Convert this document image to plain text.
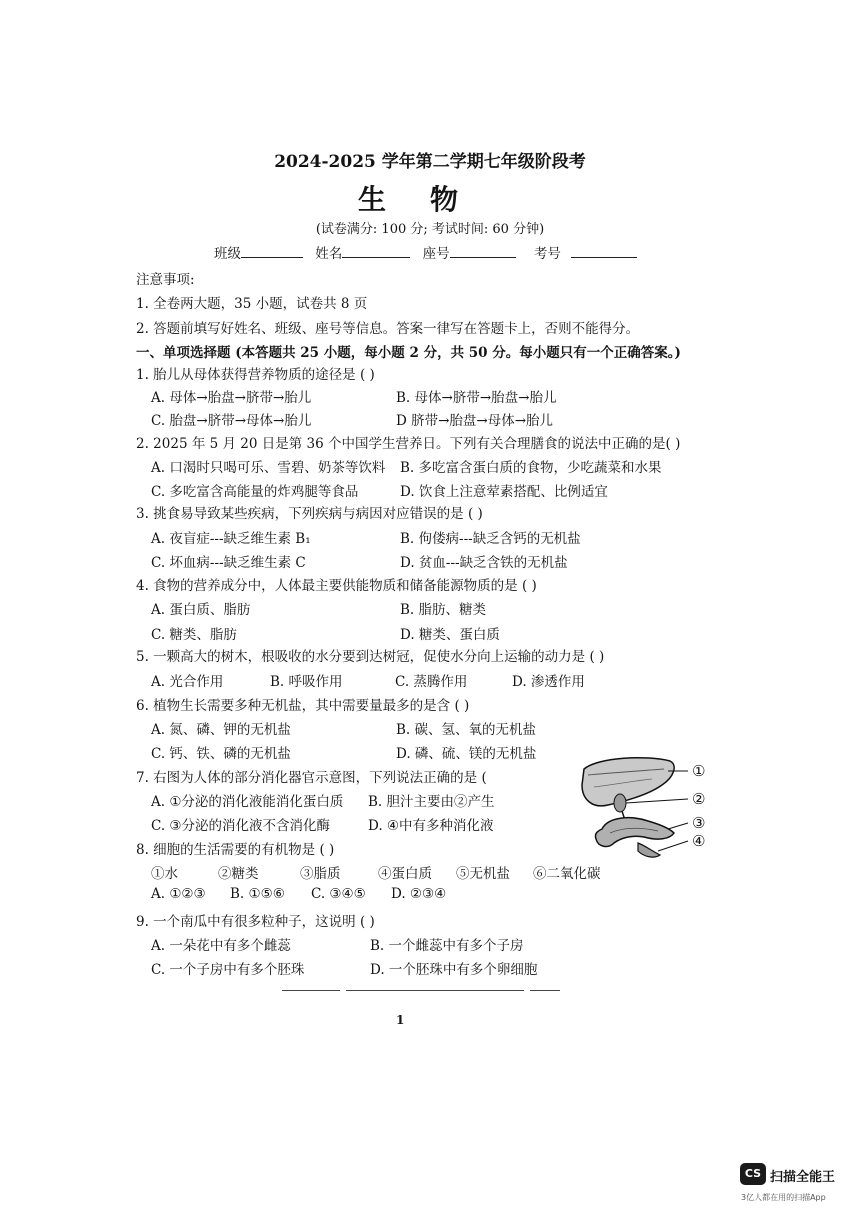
2024-2025 学年第二学期七年级阶段考
生物
(试卷满分: 100 分; 考试时间: 60 分钟)
班级	姓名	座号	考号
注意事项:
1. 全卷两大题，35 小题，试卷共 8 页
2. 答题前填写好姓名、班级、座号等信息。答案一律写在答题卡上，否则不能得分。
一、单项选择题 (本答题共 25 小题，每小题 2 分，共 50 分。每小题只有一个正确答案。)
1. 胎儿从母体获得营养物质的途径是 ( )
A. 母体→胎盘→脐带→胎儿	B. 母体→脐带→胎盘→胎儿
C. 胎盘→脐带→母体→胎儿	D 脐带→胎盘→母体→胎儿
2. 2025 年 5 月 20 日是第 36 个中国学生营养日。下列有关合理膳食的说法中正确的是( )
A. 口渴时只喝可乐、雪碧、奶茶等饮料 B. 多吃富含蛋白质的食物，少吃蔬菜和水果
C. 多吃富含高能量的炸鸡腿等食品	D. 饮食上注意荤素搭配、比例适宜
3. 挑食易导致某些疾病，下列疾病与病因对应错误的是 ( )
A. 夜盲症---缺乏维生素 B₁	B. 佝偻病---缺乏含钙的无机盐
C. 坏血病---缺乏维生素 C	D. 贫血---缺乏含铁的无机盐
4. 食物的营养成分中，人体最主要供能物质和储备能源物质的是 ( )
A. 蛋白质、脂肪	B. 脂肪、糖类
C. 糖类、脂肪	D. 糖类、蛋白质
5. 一颗高大的树木，根吸收的水分要到达树冠，促使水分向上运输的动力是 ( )
A. 光合作用	B. 呼吸作用	C. 蒸腾作用	D. 渗透作用
6. 植物生长需要多种无机盐，其中需要量最多的是含 ( )
A. 氮、磷、钾的无机盐	B. 碳、氢、氧的无机盐
C. 钙、铁、磷的无机盐	D. 磷、硫、镁的无机盐
7. 右图为人体的部分消化器官示意图，下列说法正确的是 (
A. ①分泌的消化液能消化蛋白质 B. 胆汁主要由②产生
C. ③分泌的消化液不含消化酶	D. ④中有多种消化液
①
②
③
④
8. 细胞的生活需要的有机物是 ( )
①水	②糖类	③脂质	④蛋白质 ⑤无机盐 ⑥二氧化碳
A. ①②③ B. ①⑤⑥ C. ③④⑤ D. ②③④
9. 一个南瓜中有很多粒种子，这说明 ( )
A. 一朵花中有多个雌蕊	B. 一个雌蕊中有多个子房
C. 一个子房中有多个胚珠	D. 一个胚珠中有多个卵细胞
1
CS 扫描全能王
3亿人都在用的扫描App
